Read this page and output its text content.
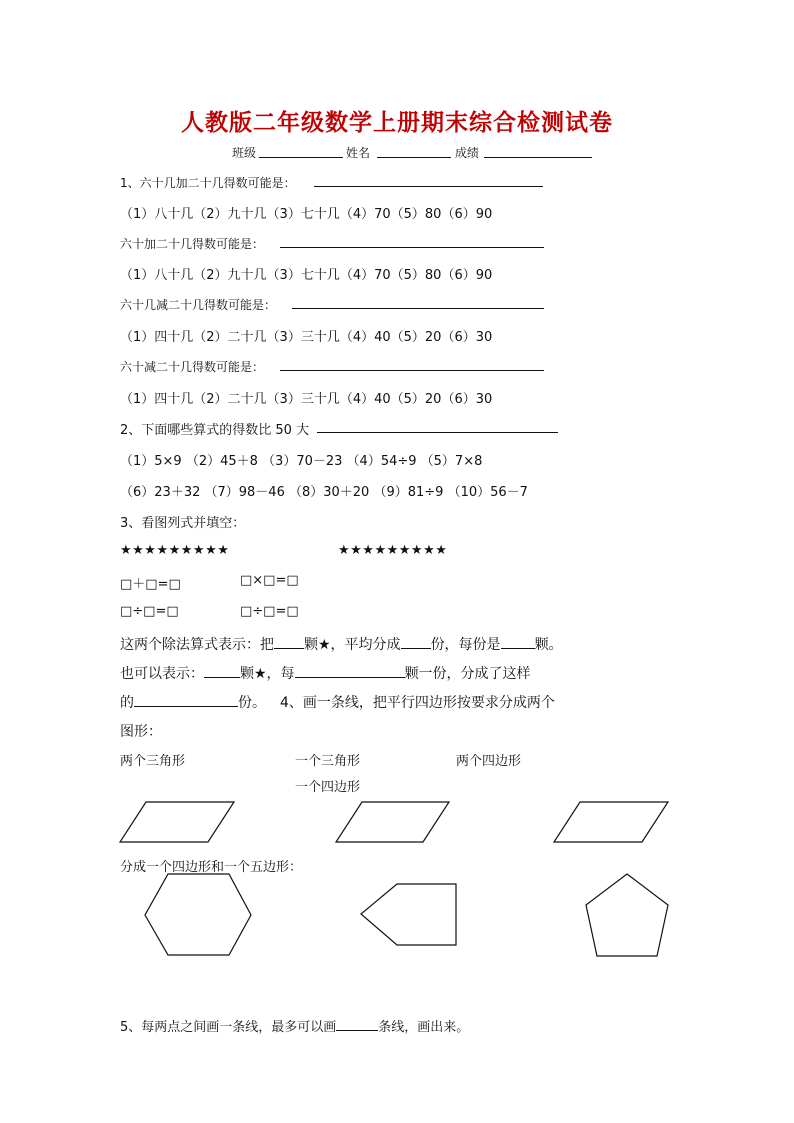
人教版二年级数学上册期末综合检测试卷
班级	姓名	成绩
1、六十几加二十几得数可能是：
（1）八十几（2）九十几（3）七十几（4）70（5）80（6）90
六十加二十几得数可能是：
（1）八十几（2）九十几（3）七十几（4）70（5）80（6）90
六十几减二十几得数可能是：
（1）四十几（2）二十几（3）三十几（4）40（5）20（6）30
六十减二十几得数可能是：
（1）四十几（2）二十几（3）三十几（4）40（5）20（6）30
2、下面哪些算式的得数比 50 大
（1）5×9 （2）45＋8 （3）70－23 （4）54÷9 （5）7×8
（6）23＋32 （7）98－46 （8）30＋20 （9）81÷9 （10）56－7
3、看图列式并填空：
★★★★★★★★★	★★★★★★★★★
□＋□=□	□×□=□
□÷□=□	□÷□=□
这两个除法算式表示：把 颗★，平均分成 份，每份是 颗。
也可以表示：	颗★，每	颗一份，分成了这样
的	份。 4、画一条线，把平行四边形按要求分成两个
图形：
两个三角形	一个三角形
一个四边形
两个四边形
分成一个四边形和一个五边形：
5、每两点之间画一条线，最多可以画	条线，画出来。
